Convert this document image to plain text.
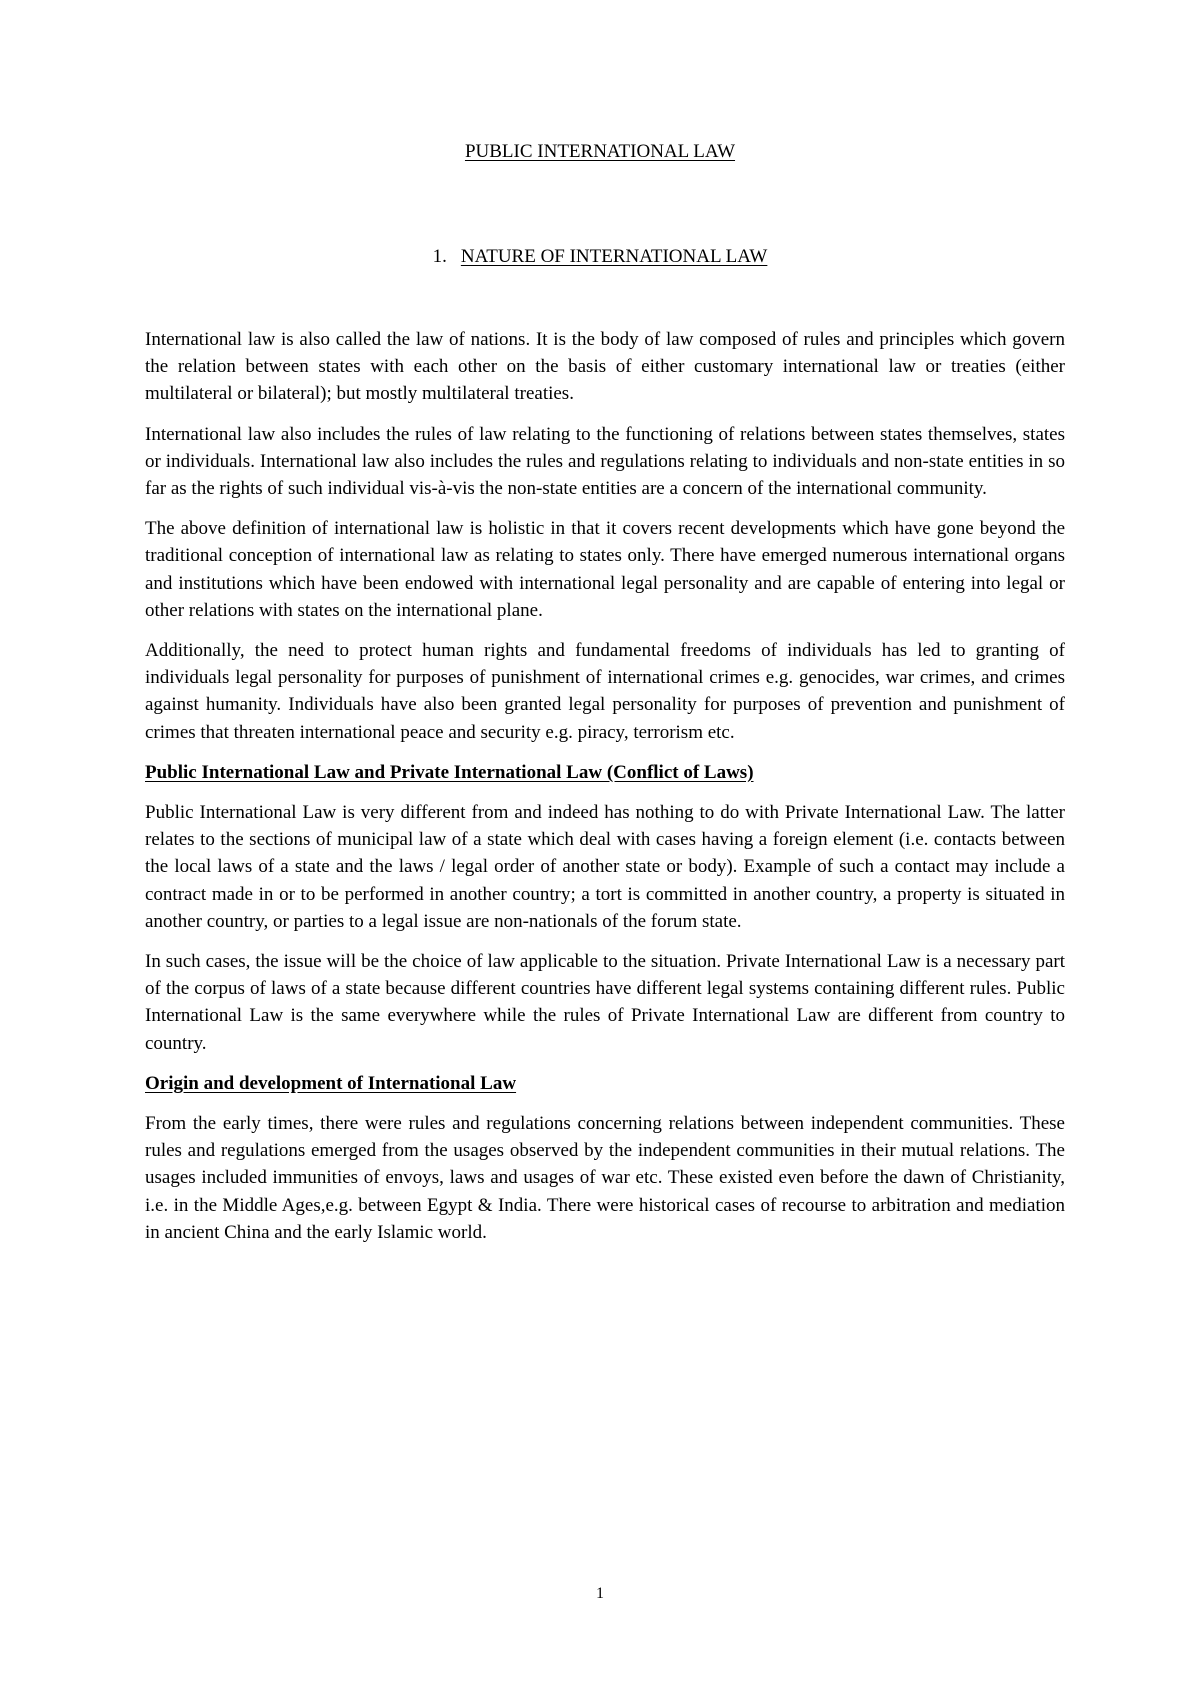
PUBLIC INTERNATIONAL LAW
1. NATURE OF INTERNATIONAL LAW

International law is also called the law of nations. It is the body of law composed of rules and principles which govern the relation between states with each other on the basis of either customary international law or treaties (either multilateral or bilateral); but mostly multilateral treaties.

International law also includes the rules of law relating to the functioning of relations between states themselves, states or individuals. International law also includes the rules and regulations relating to individuals and non-state entities in so far as the rights of such individual vis-à-vis the non-state entities are a concern of the international community.

The above definition of international law is holistic in that it covers recent developments which have gone beyond the traditional conception of international law as relating to states only. There have emerged numerous international organs and institutions which have been endowed with international legal personality and are capable of entering into legal or other relations with states on the international plane.

Additionally, the need to protect human rights and fundamental freedoms of individuals has led to granting of individuals legal personality for purposes of punishment of international crimes e.g. genocides, war crimes, and crimes against humanity. Individuals have also been granted legal personality for purposes of prevention and punishment of crimes that threaten international peace and security e.g. piracy, terrorism etc.

Public International Law and Private International Law (Conflict of Laws)

Public International Law is very different from and indeed has nothing to do with Private International Law. The latter relates to the sections of municipal law of a state which deal with cases having a foreign element (i.e. contacts between the local laws of a state and the laws / legal order of another state or body). Example of such a contact may include a contract made in or to be performed in another country; a tort is committed in another country, a property is situated in another country, or parties to a legal issue are non-nationals of the forum state.

In such cases, the issue will be the choice of law applicable to the situation. Private International Law is a necessary part of the corpus of laws of a state because different countries have different legal systems containing different rules. Public International Law is the same everywhere while the rules of Private International Law are different from country to country.

Origin and development of International Law

From the early times, there were rules and regulations concerning relations between independent communities. These rules and regulations emerged from the usages observed by the independent communities in their mutual relations. The usages included immunities of envoys, laws and usages of war etc. These existed even before the dawn of Christianity, i.e. in the Middle Ages,e.g. between Egypt & India. There were historical cases of recourse to arbitration and mediation in ancient China and the early Islamic world.

1
